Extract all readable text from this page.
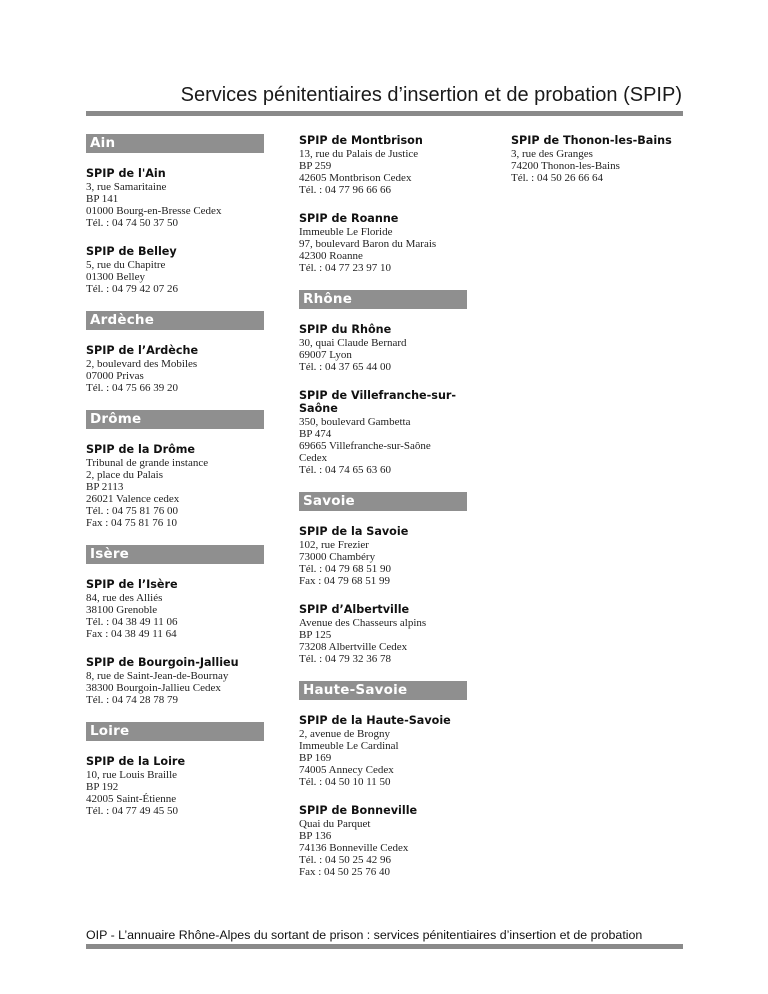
Services pénitentiaires d’insertion et de probation (SPIP)
Ain
SPIP de l'Ain
3, rue Samaritaine
BP 141
01000 Bourg-en-Bresse Cedex
Tél. : 04 74 50 37 50
SPIP de Belley
5, rue du Chapitre
01300 Belley
Tél. : 04 79 42 07 26
Ardèche
SPIP de l’Ardèche
2, boulevard des Mobiles
07000 Privas
Tél. : 04 75 66 39 20
Drôme
SPIP de la Drôme
Tribunal de grande instance
2, place du Palais
BP 2113
26021 Valence cedex
Tél. : 04 75 81 76 00
Fax : 04 75 81 76 10
Isère
SPIP de l’Isère
84, rue des Alliés
38100 Grenoble
Tél. : 04 38 49 11 06
Fax : 04 38 49 11 64
SPIP de Bourgoin-Jallieu
8, rue de Saint-Jean-de-Bournay
38300 Bourgoin-Jallieu Cedex
Tél. : 04 74 28 78 79
Loire
SPIP de la Loire
10, rue Louis Braille
BP 192
42005 Saint-Étienne
Tél. : 04 77 49 45 50
SPIP de Montbrison
13, rue du Palais de Justice
BP 259
42605 Montbrison Cedex
Tél. : 04 77 96 66 66
SPIP de Roanne
Immeuble Le Floride
97, boulevard Baron du Marais
42300 Roanne
Tél. : 04 77 23 97 10
Rhône
SPIP du Rhône
30, quai Claude Bernard
69007 Lyon
Tél. : 04 37 65 44 00
SPIP de Villefranche-sur-Saône
350, boulevard Gambetta
BP 474
69665 Villefranche-sur-Saône
Cedex
Tél. : 04 74 65 63 60
Savoie
SPIP de la Savoie
102, rue Frezier
73000 Chambéry
Tél. : 04 79 68 51 90
Fax : 04 79 68 51 99
SPIP d’Albertville
Avenue des Chasseurs alpins
BP 125
73208 Albertville Cedex
Tél. : 04 79 32 36 78
Haute-Savoie
SPIP de la Haute-Savoie
2, avenue de Brogny
Immeuble Le Cardinal
BP 169
74005 Annecy Cedex
Tél. : 04 50 10 11 50
SPIP de Bonneville
Quai du Parquet
BP 136
74136 Bonneville Cedex
Tél. : 04 50 25 42 96
Fax : 04 50 25 76 40
SPIP de Thonon-les-Bains
3, rue des Granges
74200 Thonon-les-Bains
Tél. : 04 50 26 66 64
OIP - L’annuaire Rhône-Alpes du sortant de prison : services pénitentiaires d’insertion et de probation
